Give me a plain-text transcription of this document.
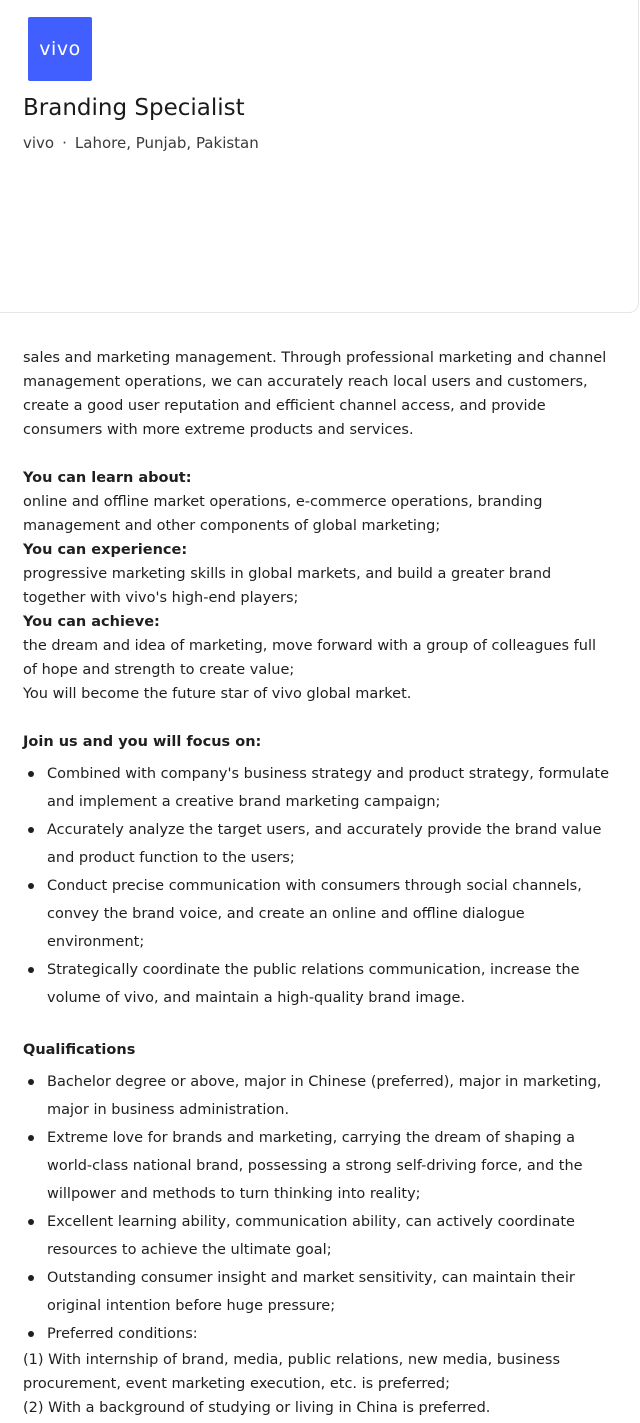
vivo
Branding Specialist
vivo · Lahore, Punjab, Pakistan

sales and marketing management. Through professional marketing and channel management operations, we can accurately reach local users and customers, create a good user reputation and efficient channel access, and provide consumers with more extreme products and services.

You can learn about:

online and offline market operations, e-commerce operations, branding management and other components of global marketing;

You can experience:

progressive marketing skills in global markets, and build a greater brand together with vivo's high-end players;

You can achieve:

the dream and idea of marketing, move forward with a group of colleagues full of hope and strength to create value;

You will become the future star of vivo global market.

Join us and you will focus on:

Combined with company's business strategy and product strategy, formulate and implement a creative brand marketing campaign;
Accurately analyze the target users, and accurately provide the brand value and product function to the users;
Conduct precise communication with consumers through social channels, convey the brand voice, and create an online and offline dialogue environment;
Strategically coordinate the public relations communication, increase the volume of vivo, and maintain a high-quality brand image.

Qualifications

Bachelor degree or above, major in Chinese (preferred), major in marketing, major in business administration.
Extreme love for brands and marketing, carrying the dream of shaping a world-class national brand, possessing a strong self-driving force, and the willpower and methods to turn thinking into reality;
Excellent learning ability, communication ability, can actively coordinate resources to achieve the ultimate goal;
Outstanding consumer insight and market sensitivity, can maintain their original intention before huge pressure;
Preferred conditions:

(1) With internship of brand, media, public relations, new media, business procurement, event marketing execution, etc. is preferred;

(2) With a background of studying or living in China is preferred.
